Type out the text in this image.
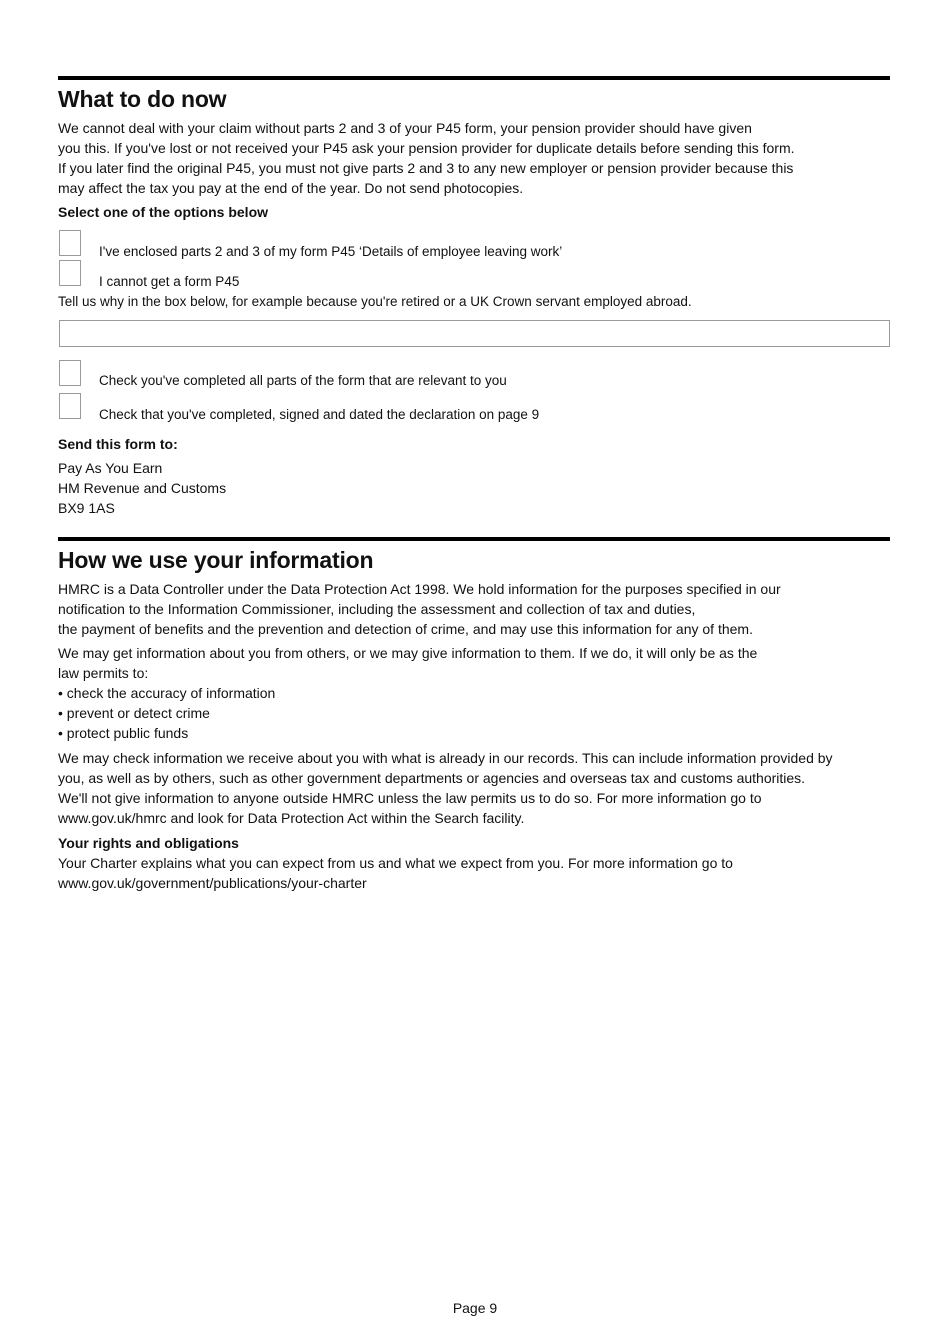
What to do now
We cannot deal with your claim without parts 2 and 3 of your P45 form, your pension provider should have given
you this. If you've lost or not received your P45 ask your pension provider for duplicate details before sending this form.
If you later find the original P45, you must not give parts 2 and 3 to any new employer or pension provider because this
may affect the tax you pay at the end of the year. Do not send photocopies.
Select one of the options below
I've enclosed parts 2 and 3 of my form P45 ‘Details of employee leaving work’
I cannot get a form P45
Tell us why in the box below, for example because you're retired or a UK Crown servant employed abroad.
Check you've completed all parts of the form that are relevant to you
Check that you've completed, signed and dated the declaration on page 9
Send this form to:
Pay As You Earn
HM Revenue and Customs
BX9 1AS
How we use your information
HMRC is a Data Controller under the Data Protection Act 1998. We hold information for the purposes specified in our
notification to the Information Commissioner, including the assessment and collection of tax and duties,
the payment of benefits and the prevention and detection of crime, and may use this information for any of them.
We may get information about you from others, or we may give information to them. If we do, it will only be as the
law permits to:
• check the accuracy of information
• prevent or detect crime
• protect public funds
We may check information we receive about you with what is already in our records. This can include information provided by
you, as well as by others, such as other government departments or agencies and overseas tax and customs authorities.
We'll not give information to anyone outside HMRC unless the law permits us to do so. For more information go to
www.gov.uk/hmrc and look for Data Protection Act within the Search facility.
Your rights and obligations
Your Charter explains what you can expect from us and what we expect from you. For more information go to
www.gov.uk/government/publications/your-charter
Page 9
